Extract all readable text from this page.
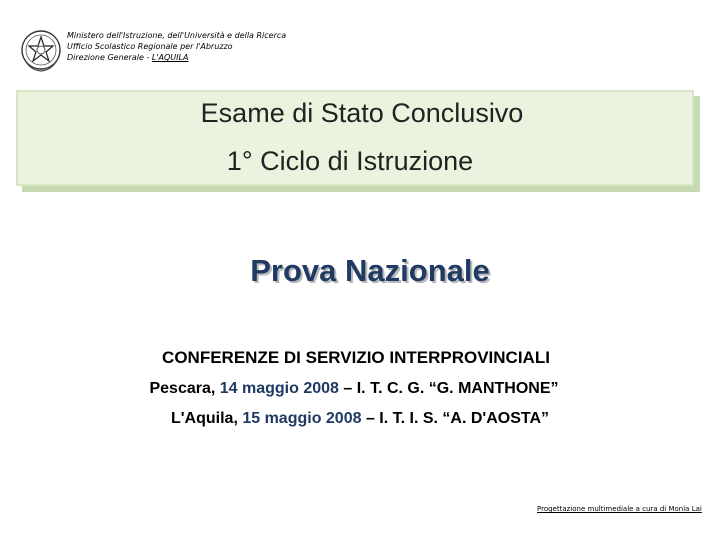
Ministero dell'Istruzione, dell'Università e della Ricerca
Ufficio Scolastico Regionale per l'Abruzzo
Direzione Generale - L'AQUILA
Esame di Stato Conclusivo
1° Ciclo di Istruzione
Prova Nazionale
CONFERENZE DI SERVIZIO INTERPROVINCIALI
Pescara, 14 maggio 2008 – I. T. C. G. “G. MANTHONE”
L'Aquila, 15 maggio 2008 – I. T. I. S. “A. D'AOSTA”
Progettazione multimediale a cura di Monia Lai
